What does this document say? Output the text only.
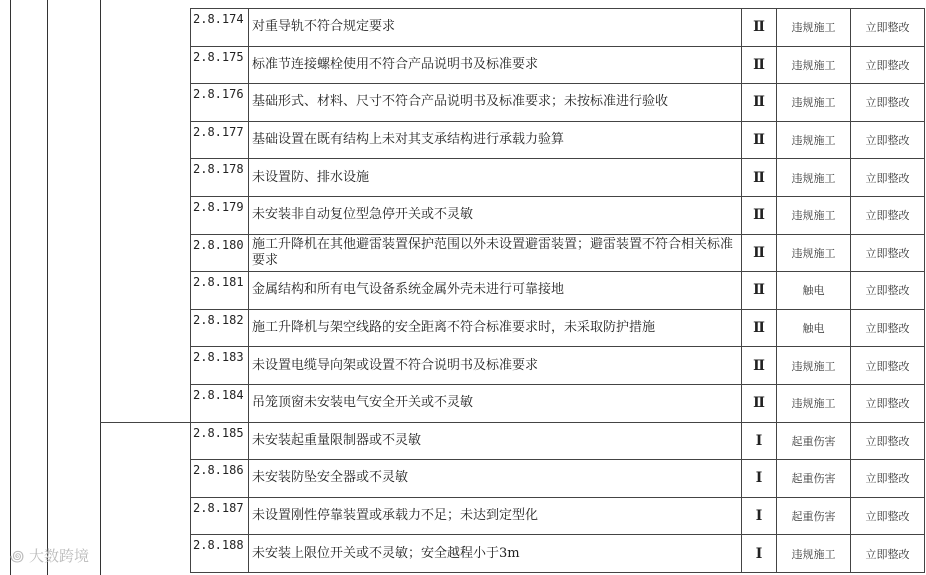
2.8.174	对重导轨不符合规定要求	Ⅱ	违规施工	立即整改
2.8.175	标准节连接螺栓使用不符合产品说明书及标准要求	Ⅱ	违规施工	立即整改
2.8.176	基础形式、材料、尺寸不符合产品说明书及标准要求；未按标准进行验收	Ⅱ	违规施工	立即整改
2.8.177	基础设置在既有结构上未对其支承结构进行承载力验算	Ⅱ	违规施工	立即整改
2.8.178	未设置防、排水设施	Ⅱ	违规施工	立即整改
2.8.179	未安装非自动复位型急停开关或不灵敏	Ⅱ	违规施工	立即整改
2.8.180	施工升降机在其他避雷装置保护范围以外未设置避雷装置；避雷装置不符合相关标准要求	Ⅱ	违规施工	立即整改
2.8.181	金属结构和所有电气设备系统金属外壳未进行可靠接地	Ⅱ	触电	立即整改
2.8.182	施工升降机与架空线路的安全距离不符合标准要求时，未采取防护措施	Ⅱ	触电	立即整改
2.8.183	未设置电缆导向架或设置不符合说明书及标准要求	Ⅱ	违规施工	立即整改
2.8.184	吊笼顶窗未安装电气安全开关或不灵敏	Ⅱ	违规施工	立即整改
2.8.185	未安装起重量限制器或不灵敏	Ⅰ	起重伤害	立即整改
2.8.186	未安装防坠安全器或不灵敏	Ⅰ	起重伤害	立即整改
2.8.187	未设置刚性停靠装置或承载力不足；未达到定型化	Ⅰ	起重伤害	立即整改
2.8.188	未安装上限位开关或不灵敏；安全越程小于3m	Ⅰ	违规施工	立即整改
꩜ 大数跨境
